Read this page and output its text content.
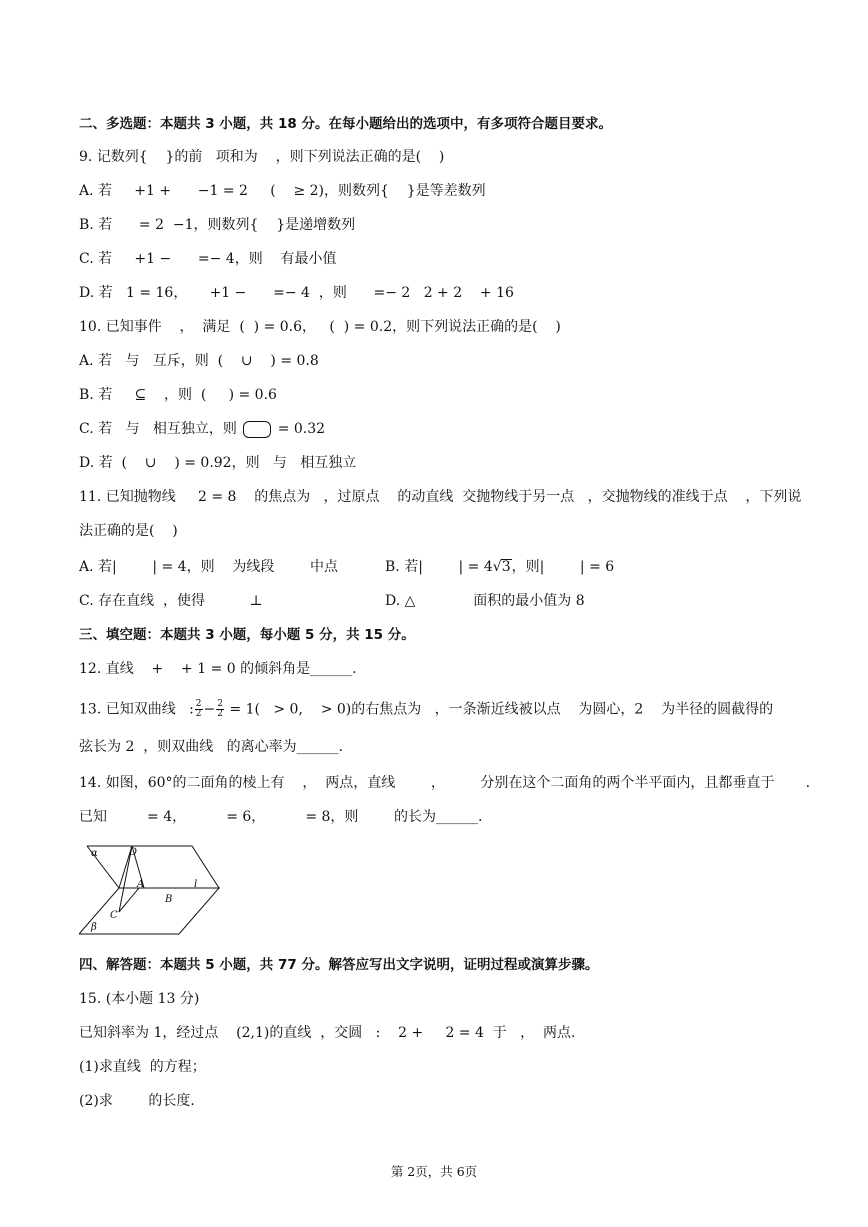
二、多选题：本题共 3 小题，共 18 分。在每小题给出的选项中，有多项符合题目要求。
9. 记数列{    }的前   项和为    ，则下列说法正确的是(    )
A. 若     +1 +      −1 = 2     (    ≥ 2)，则数列{    }是等差数列
B. 若      = 2  −1，则数列{    }是递增数列
C. 若     +1 −      =− 4，则    有最小值
D. 若   1 = 16，     +1 −      =− 4  ，则      =− 2   2 + 2    + 16
10. 已知事件    ，  满足  (  ) = 0.6，   (  ) = 0.2，则下列说法正确的是(    )
A. 若   与   互斥，则  (    ∪    ) = 0.8
B. 若     ⊆    ，则  (     ) = 0.6
C. 若   与   相互独立，则  = 0.32
D. 若  (    ∪    ) = 0.92，则   与   相互独立
11. 已知抛物线     2 = 8    的焦点为   ，过原点    的动直线  交抛物线于另一点   ，交抛物线的准线于点    ，下列说
法正确的是(    )
A. 若|        | = 4，则    为线段        中点	B. 若|        | = 4√3，则|        | = 6
C. 存在直线  ，使得          ⊥	D. △             面积的最小值为 8
三、填空题：本题共 3 小题，每小题 5 分，共 15 分。
12. 直线    +    + 1 = 0 的倾斜角是______.
13. 已知双曲线   : $\frac{2}{2} - \frac{2}{2} = 1( > 0$,    > 0)的右焦点为   ，一条渐近线被以点    为圆心，2    为半径的圆截得的
弦长为 2  ，则双曲线   的离心率为______.
14. 如图，60°的二面角的棱上有    ，  两点，直线        ，        分别在这个二面角的两个半平面内，且都垂直于       .
已知         = 4，         = 6，         = 8，则        的长为______.
α	D
A
B
l
C
β
四、解答题：本题共 5 小题，共 77 分。解答应写出文字说明，证明过程或演算步骤。
15. (本小题 13 分)
已知斜率为 1，经过点    (2,1)的直线  ，交圆   :    2 +     2 = 4  于   ，  两点.
(1)求直线  的方程；
(2)求        的长度.
第 2页，共 6页
